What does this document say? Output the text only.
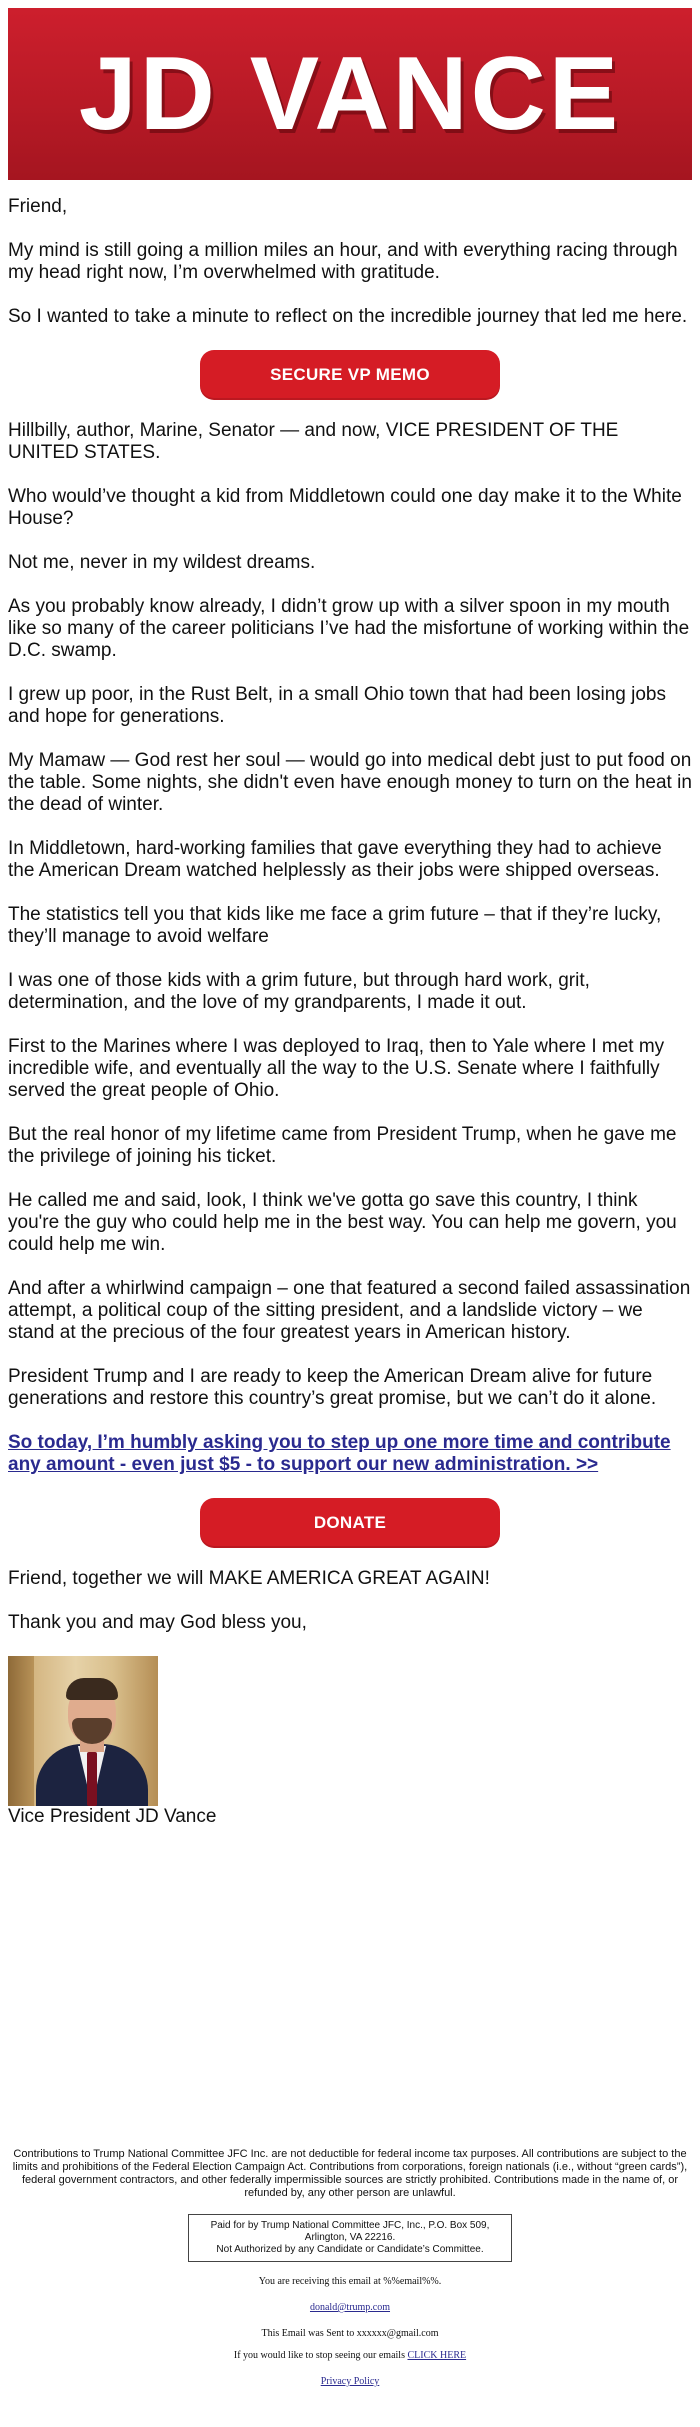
JD VANCE

Friend,

My mind is still going a million miles an hour, and with everything racing through my head right now, I’m overwhelmed with gratitude.

So I wanted to take a minute to reflect on the incredible journey that led me here.

SECURE VP MEMO

Hillbilly, author, Marine, Senator — and now, VICE PRESIDENT OF THE UNITED STATES.

Who would’ve thought a kid from Middletown could one day make it to the White House?

Not me, never in my wildest dreams.

As you probably know already, I didn’t grow up with a silver spoon in my mouth like so many of the career politicians I’ve had the misfortune of working within the D.C. swamp.

I grew up poor, in the Rust Belt, in a small Ohio town that had been losing jobs and hope for generations.

My Mamaw — God rest her soul — would go into medical debt just to put food on the table. Some nights, she didn't even have enough money to turn on the heat in the dead of winter.

In Middletown, hard-working families that gave everything they had to achieve the American Dream watched helplessly as their jobs were shipped overseas.

The statistics tell you that kids like me face a grim future – that if they’re lucky, they’ll manage to avoid welfare

I was one of those kids with a grim future, but through hard work, grit, determination, and the love of my grandparents, I made it out.

First to the Marines where I was deployed to Iraq, then to Yale where I met my incredible wife, and eventually all the way to the U.S. Senate where I faithfully served the great people of Ohio.

But the real honor of my lifetime came from President Trump, when he gave me the privilege of joining his ticket.

He called me and said, look, I think we've gotta go save this country, I think you're the guy who could help me in the best way. You can help me govern, you could help me win.

And after a whirlwind campaign – one that featured a second failed assassination attempt, a political coup of the sitting president, and a landslide victory – we stand at the precious of the four greatest years in American history.

President Trump and I are ready to keep the American Dream alive for future generations and restore this country’s great promise, but we can’t do it alone.

So today, I’m humbly asking you to step up one more time and contribute any amount - even just $5 - to support our new administration. >>

DONATE

Friend, together we will MAKE AMERICA GREAT AGAIN!

Thank you and may God bless you,

Vice President JD Vance
Contributions to Trump National Committee JFC Inc. are not deductible for federal income tax purposes. All contributions are subject to the limits and prohibitions of the Federal Election Campaign Act. Contributions from corporations, foreign nationals (i.e., without “green cards”), federal government contractors, and other federally impermissible sources are strictly prohibited. Contributions made in the name of, or refunded by, any other person are unlawful.
Paid for by Trump National Committee JFC, Inc., P.O. Box 509,
Arlington, VA 22216.
Not Authorized by any Candidate or Candidate’s Committee.
You are receiving this email at %%email%%.
donald@trump.com
This Email was Sent to xxxxxx@gmail.com
If you would like to stop seeing our emails CLICK HERE
Privacy Policy
